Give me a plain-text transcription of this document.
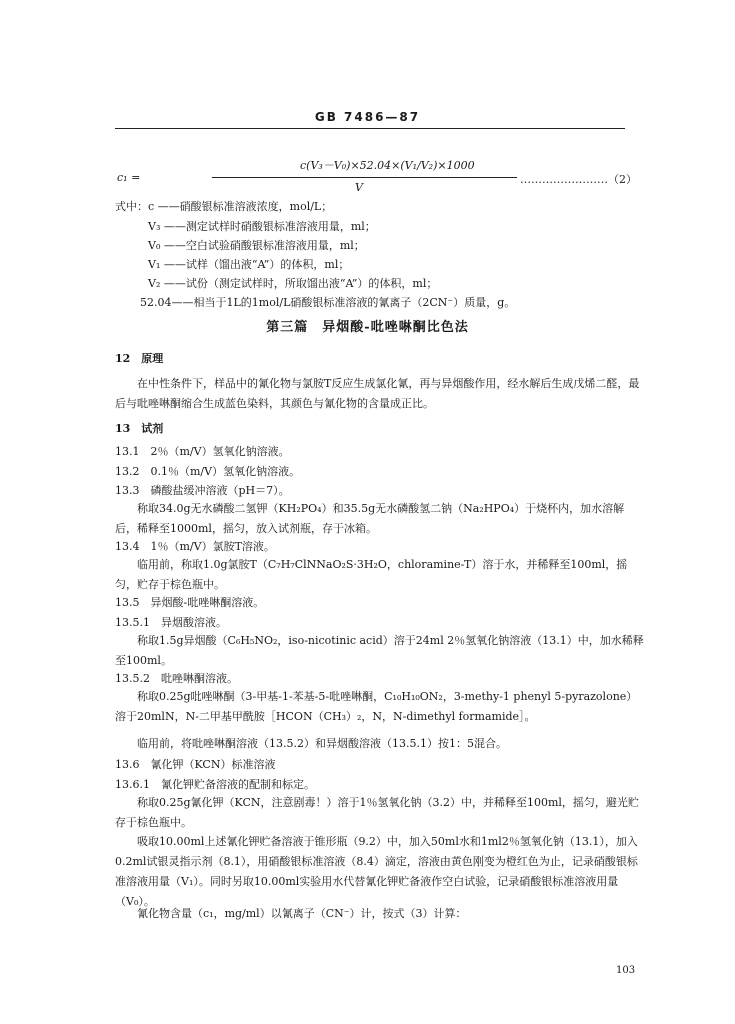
GB 7486—87
c(V₃－V₀)×52.04×(V₁/V₂)×1000
c₁ =
V
……………………（2）
式中：c ——硝酸银标准溶液浓度，mol/L；
V₃ ——测定试样时硝酸银标准溶液用量，ml；
V₀ ——空白试验硝酸银标准溶液用量，ml；
V₁ ——试样（馏出液“A”）的体积，ml；
V₂ ——试份（测定试样时，所取馏出液“A”）的体积，ml；
52.04——相当于1L的1mol/L硝酸银标准溶液的氰离子（2CN⁻）质量，g。
第三篇　异烟酸-吡唑啉酮比色法
12　原理
在中性条件下，样品中的氰化物与氯胺T反应生成氯化氰，再与异烟酸作用，经水解后生成戊烯二醛，最后与吡唑啉酮缩合生成蓝色染料，其颜色与氰化物的含量成正比。
13　试剂
13.1　2％（m/V）氢氧化钠溶液。
13.2　0.1％（m/V）氢氧化钠溶液。
13.3　磷酸盐缓冲溶液（pH＝7）。
称取34.0g无水磷酸二氢钾（KH₂PO₄）和35.5g无水磷酸氢二钠（Na₂HPO₄）于烧杯内，加水溶解后，稀释至1000ml，摇匀，放入试剂瓶，存于冰箱。
13.4　1％（m/V）氯胺T溶液。
临用前，称取1.0g氯胺T（C₇H₇ClNNaO₂S·3H₂O，chloramine-T）溶于水，并稀释至100ml，摇匀，贮存于棕色瓶中。
13.5　异烟酸-吡唑啉酮溶液。
13.5.1　异烟酸溶液。
称取1.5g异烟酸（C₆H₅NO₂，iso-nicotinic acid）溶于24ml 2％氢氧化钠溶液（13.1）中，加水稀释至100ml。
13.5.2　吡唑啉酮溶液。
称取0.25g吡唑啉酮（3-甲基-1-苯基-5-吡唑啉酮，C₁₀H₁₀ON₂，3-methy-1 phenyl 5-pyrazolone）溶于20mlN，N-二甲基甲酰胺［HCON（CH₃）₂，N，N-dimethyl formamide］。
临用前，将吡唑啉酮溶液（13.5.2）和异烟酸溶液（13.5.1）按1：5混合。
13.6　氰化钾（KCN）标准溶液
13.6.1　氰化钾贮备溶液的配制和标定。
称取0.25g氰化钾（KCN，注意剧毒！）溶于1％氢氧化钠（3.2）中，并稀释至100ml，摇匀，避光贮存于棕色瓶中。
吸取10.00ml上述氰化钾贮备溶液于锥形瓶（9.2）中，加入50ml水和1ml2％氢氧化钠（13.1），加入0.2ml试银灵指示剂（8.1），用硝酸银标准溶液（8.4）滴定，溶液由黄色刚变为橙红色为止，记录硝酸银标准溶液用量（V₁）。同时另取10.00ml实验用水代替氰化钾贮备液作空白试验，记录硝酸银标准溶液用量（V₀）。
氰化物含量（c₁，mg/ml）以氰离子（CN⁻）计，按式（3）计算：
103
